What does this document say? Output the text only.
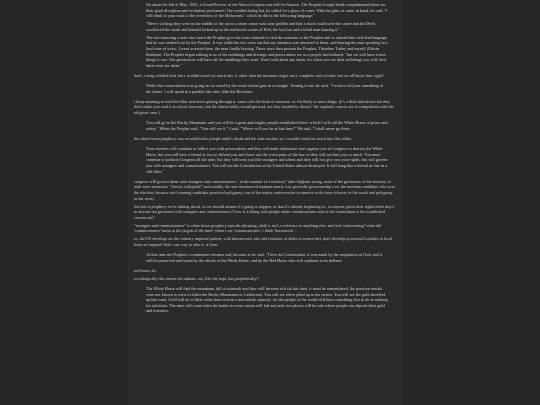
On about the 6th of May, 1843, a Grand Review of the Nauvoo Legion was held in Nauvoo. The Prophet Joseph Smith complimented them for their good discipline and evolutions performed. The weather being hot, he called for a glass of water. With the glass of water in hand, he said: "I will drink to your toast to the overthrow of the Mobocrats," which he did in the following language:"

"Here's wishing they were in the middle of the sea in a stone canoe with iron paddles and that a shark swallowed the canoe and the Devil swallowed the shark and himself locked up in the northwest corner of Hell, the key lost and a blind man hunting it."

The next morning a man who heard the Prophet give the toast returned to visit the mansion of the Prophet and so abused him with bad language that he was ordered out by the Prophet. It was while the two were out that my attention was attracted to them, and hearing the man speaking in a loud tone of voice, I went towards them, the man finally leaving. There were then present the Prophet, Theodore Turley and myself (Edwin Rushton). The Prophet began talking to us of the mobbings and drivings and persecutions we as a people had endured, "but we will have worse things to see. Our persecutors will have all the mobbings they want. Don't wish them any harm, for when you see their sufferings you will shed bitter tears for them."

that's a long-winded lead, but i wouldn't read too much into it. other than the mormon origin story complete with exodus, but we all know that, right?

While this conversation was going on we stood by the south wicket gate in a triangle. Turning to me, he said, "I want to tell you something of the future. I will speak in a parable like unto John the Revelator.

i keep meaning to read the bible and never getting through it. same with the book of mormon. so i'm likely to miss things. (it's a little ridiculous that they don't make you read it in school anyways, but the atheist lobby would get mad. are they funded by disney? the capitalist carrots are in competition with the religious ones.)

You will go to the Rocky Mountains and you will be a great and mighty people established there, which I will call the White Horse of peace and safety." When the Prophet said, "You will see it," I said, "Where will you be at that time?" He said, "I shall never go there.

the white horse prophecy was recorded after joseph smith's death and the utah exodus, so i wouldn't read too much into this either.

Your enemies will continue to follow you with persecutions and they will make obnoxious laws against you in Congress to destroy the White Horse, but you will have a friend or two to defend you and throw out the worst parts of the law so they will not hurt you so much. You must continue to petition Congress all the time, but they will treat you like strangers and aliens and they will not give you your rights, but will govern you with strangers and commissioners. You will see the Constitution of the United States almost destroyed. It will hang like a thread as fine as a silk fiber."

congress will govern them with strangers and commissioners - in the manner of a territory? after brigham young, none of the governors of the territory of utah were mormons; *checks wikipedia* and notably, the anti-mormon ed munson nearly was given the governorship over the mormon candidate who won the election, because said winning candidate practiced polygamy, one of the major controversies in america at the time (slavery in the south and polygamy in the west).

but this is prophecy we're talking about, so we should assume it's going to happen, or that it's already beginning to.. in anyone given their rights these days? in anyone not governed with strangers and commissioners? how is it doing with people under commissioners and of the constitution is the established current one?

"strangers and commissioners" is white horse prophecy-specific phrasing; afaik it isn't a reference to anything else. and isn't it interesting? what did 'commissioners' mean in the jargon of the time? when i see 'commissioners', i think 'bureaucrat'...

so, the US develops on the contrary imperial pattern, with bureaucratic rule and relations of allies to ensure they don't develop provincial loyalties or local bases of support? that's one way to take it, at least.

At that time the Prophet's countenance became sad, because as he said, "I love the Constitution; it was made by the inspiration of God; and it will be preserved and saved by the efforts of the White Horse, and by the Red Horse who will combine in its defense.

red horse, eh.

sociologically this means the indians. say, like the hopi, but prophetically?

The White Horse will find the mountains full of minerals and they will become rich (at this time, it must be remembered, the precious metals were not known to exist in either the Rocky Mountains or California). You will see silver piled up in the streets. You will see the gold shoveled up like sand. Gold will be of little value then even in a mercantile capacity, for the people of the world will have something else to do in seeking for salvation. The time will come when the banks in every nation will fail and only two places will be safe where people can deposit their gold and treasures.
